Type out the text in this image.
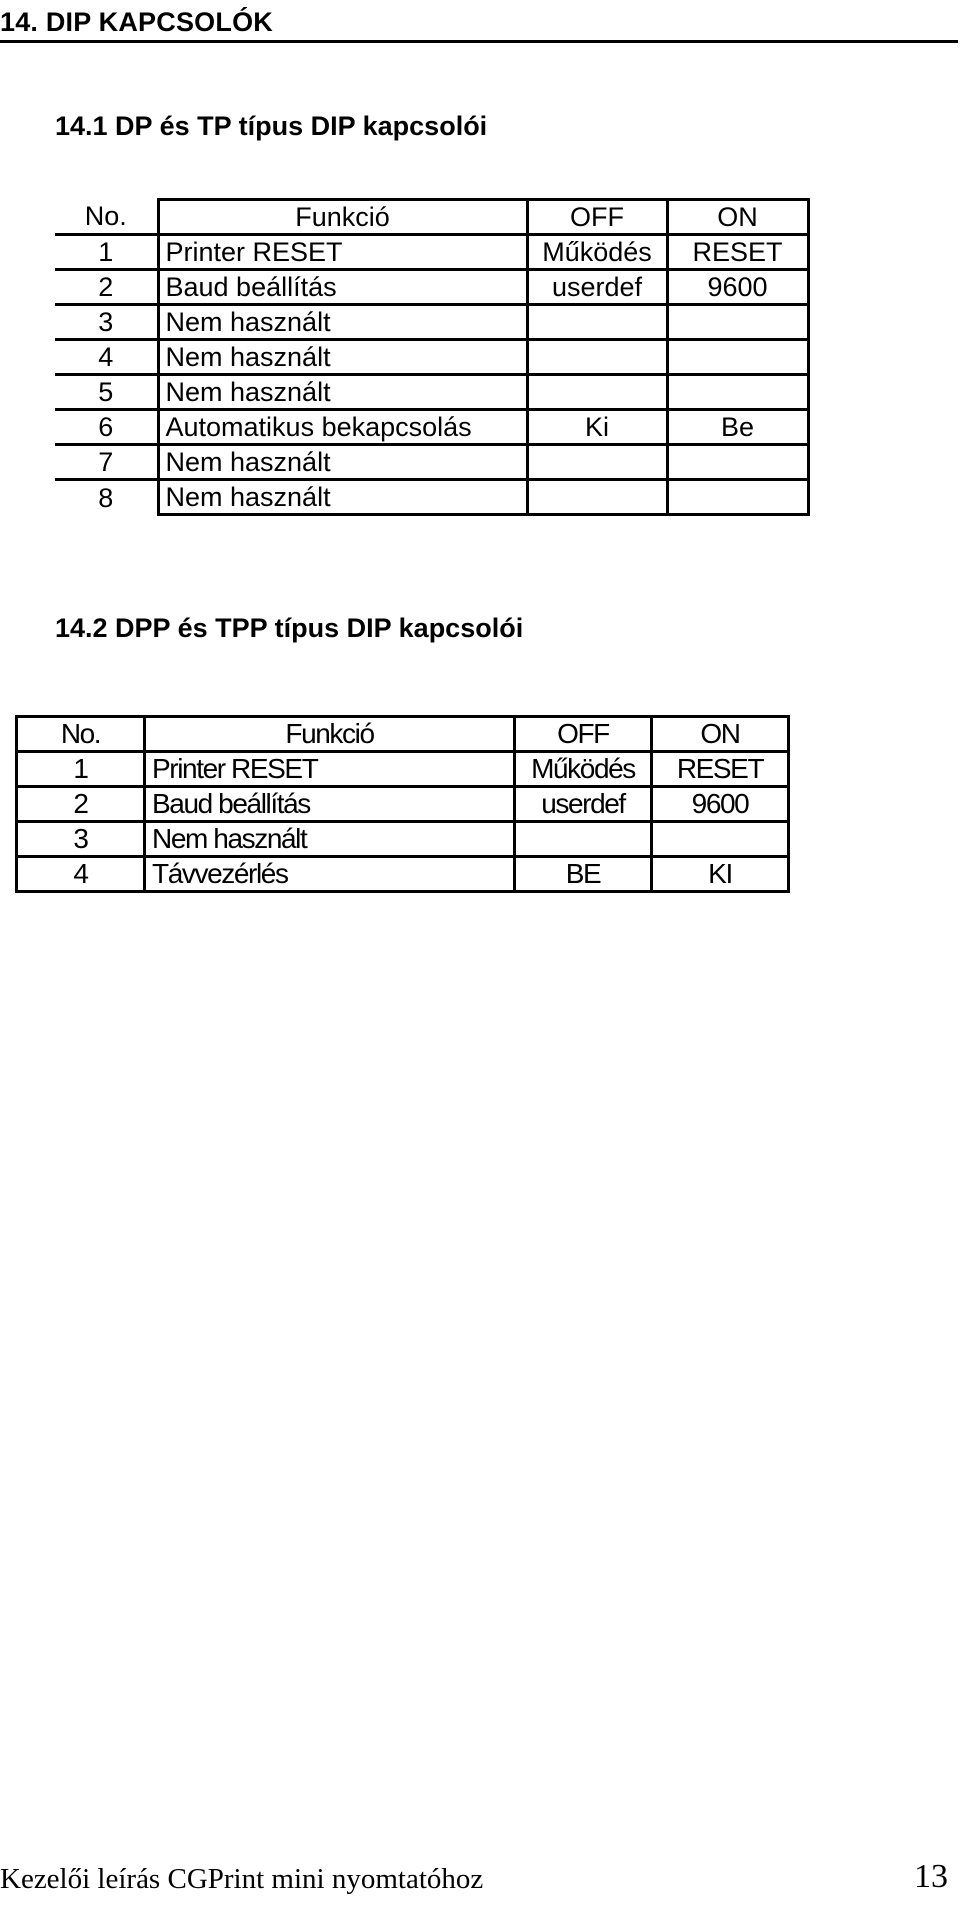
14. DIP KAPCSOLÓK
14.1 DP és TP típus DIP kapcsolói
No.	Funkció	OFF	ON
1	Printer RESET	Működés	RESET
2	Baud beállítás	userdef	9600
3	Nem használt		
4	Nem használt		
5	Nem használt		
6	Automatikus bekapcsolás	Ki	Be
7	Nem használt		
8	Nem használt		
14.2 DPP és TPP típus DIP kapcsolói
No.	Funkció	OFF	ON
1	Printer RESET	Működés	RESET
2	Baud beállítás	userdef	9600
3	Nem használt		
4	Távvezérlés	BE	KI
Kezelői leírás CGPrint mini nyomtatóhoz	13
